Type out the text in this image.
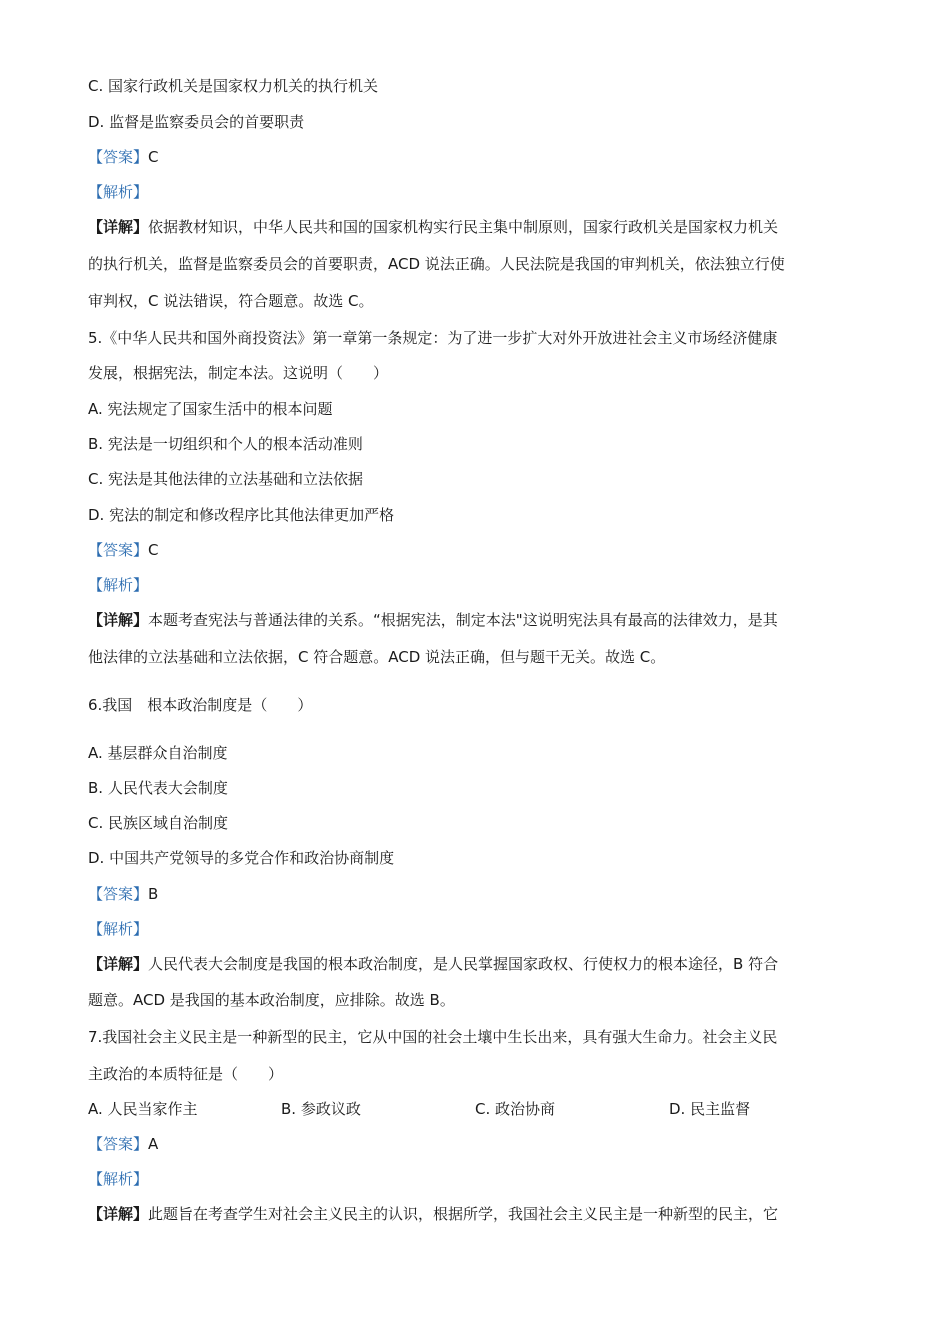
C. 国家行政机关是国家权力机关的执行机关
D. 监督是监察委员会的首要职责
【答案】C
【解析】
【详解】依据教材知识，中华人民共和国的国家机构实行民主集中制原则，国家行政机关是国家权力机关
的执行机关，监督是监察委员会的首要职责，ACD 说法正确。人民法院是我国的审判机关，依法独立行使
审判权，C 说法错误，符合题意。故选 C。
5.《中华人民共和国外商投资法》第一章第一条规定：为了进一步扩大对外开放进社会主义市场经济健康
发展，根据宪法，制定本法。这说明（　　）
A. 宪法规定了国家生活中的根本问题
B. 宪法是一切组织和个人的根本活动准则
C. 宪法是其他法律的立法基础和立法依据
D. 宪法的制定和修改程序比其他法律更加严格
【答案】C
【解析】
【详解】本题考查宪法与普通法律的关系。“根据宪法，制定本法"这说明宪法具有最高的法律效力，是其
他法律的立法基础和立法依据，C 符合题意。ACD 说法正确，但与题干无关。故选 C。
6.我国　根本政治制度是（　　）
A. 基层群众自治制度
B. 人民代表大会制度
C. 民族区域自治制度
D. 中国共产党领导的多党合作和政治协商制度
【答案】B
【解析】
【详解】人民代表大会制度是我国的根本政治制度，是人民掌握国家政权、行使权力的根本途径，B 符合
题意。ACD 是我国的基本政治制度，应排除。故选 B。
7.我国社会主义民主是一种新型的民主，它从中国的社会土壤中生长出来，具有强大生命力。社会主义民
主政治的本质特征是（　　）
A. 人民当家作主	B. 参政议政	C. 政治协商	D. 民主监督
【答案】A
【解析】
【详解】此题旨在考查学生对社会主义民主的认识，根据所学，我国社会主义民主是一种新型的民主，它
